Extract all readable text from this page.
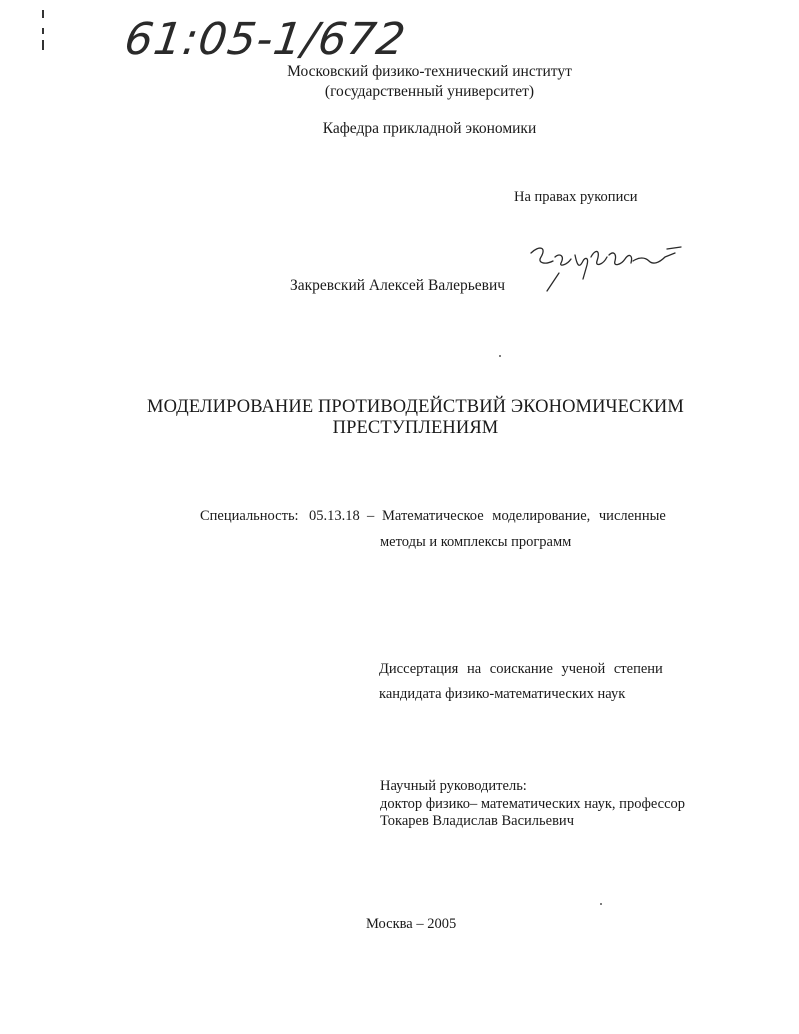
61:05-1/672
Московский физико-технический институт
(государственный университет)
Кафедра прикладной экономики
На правах рукописи
Закревский Алексей Валерьевич
МОДЕЛИРОВАНИЕ ПРОТИВОДЕЙСТВИЙ ЭКОНОМИЧЕСКИМ
ПРЕСТУПЛЕНИЯМ
Специальность: 05.13.18 – Математическое моделирование, численные
методы и комплексы программ
Диссертация на соискание ученой степени
кандидата физико-математических наук
Научный руководитель:
доктор физико– математических наук, профессор
Токарев Владислав Васильевич
Москва – 2005
